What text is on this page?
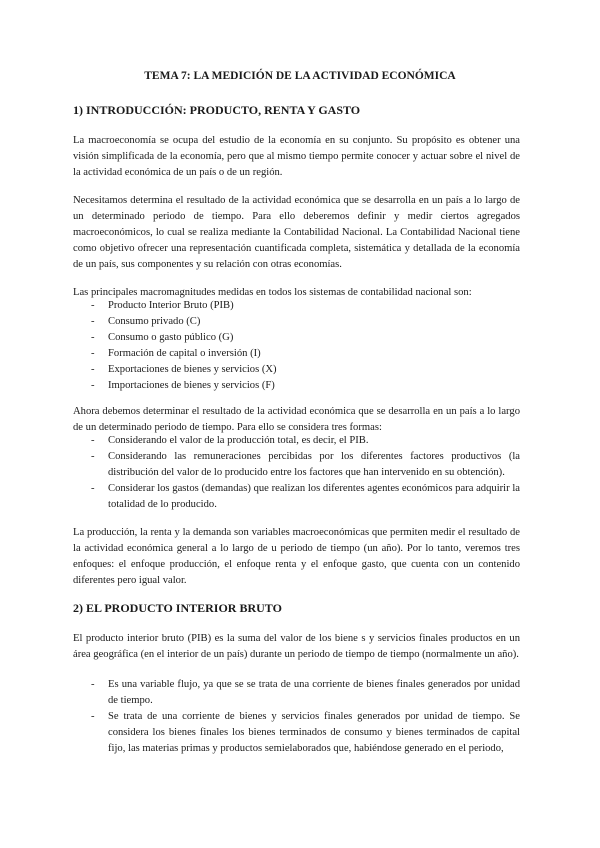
TEMA 7: LA MEDICIÓN DE LA ACTIVIDAD ECONÓMICA
1) INTRODUCCIÓN: PRODUCTO, RENTA Y GASTO
La macroeconomía se ocupa del estudio de la economía en su conjunto. Su propósito es obtener una visión simplificada de la economía, pero que al mismo tiempo permite conocer y actuar sobre el nivel de la actividad económica de un país o de un región.
Necesitamos determina el resultado de la actividad económica que se desarrolla en un país a lo largo de un determinado periodo de tiempo. Para ello deberemos definir y medir ciertos agregados macroeconómicos, lo cual se realiza mediante la Contabilidad Nacional. La Contabilidad Nacional tiene como objetivo ofrecer una representación cuantificada completa, sistemática y detallada de la economía de un país, sus componentes y su relación con otras economías.
Las principales macromagnitudes medidas en todos los sistemas de contabilidad nacional son:
- Producto Interior Bruto (PIB)
- Consumo privado (C)
- Consumo o gasto público (G)
- Formación de capital o inversión (I)
- Exportaciones de bienes y servicios (X)
- Importaciones de bienes y servicios (F)
Ahora debemos determinar el resultado de la actividad económica que se desarrolla en un país a lo largo de un determinado periodo de tiempo. Para ello se considera tres formas:
- Considerando el valor de la producción total, es decir, el PIB.
- Considerando las remuneraciones percibidas por los diferentes factores productivos (la distribución del valor de lo producido entre los factores que han intervenido en su obtención).
- Considerar los gastos (demandas) que realizan los diferentes agentes económicos para adquirir la totalidad de lo producido.
La producción, la renta y la demanda son variables macroeconómicas que permiten medir el resultado de la actividad económica general a lo largo de u periodo de tiempo (un año). Por lo tanto, veremos tres enfoques: el enfoque producción, el enfoque renta y el enfoque gasto, que cuenta con un contenido diferentes pero igual valor.
2) EL PRODUCTO INTERIOR BRUTO
El producto interior bruto (PIB) es la suma del valor de los biene s y servicios finales productos en un área geográfica (en el interior de un país) durante un periodo de tiempo de tiempo (normalmente un año).
- Es una variable flujo, ya que se se trata de una corriente de bienes finales generados por unidad de tiempo.
- Se trata de una corriente de bienes y servicios finales generados por unidad de tiempo. Se considera los bienes finales los bienes terminados de consumo y bienes terminados de capital fijo, las materias primas y productos semielaborados que, habiéndose generado en el periodo,
